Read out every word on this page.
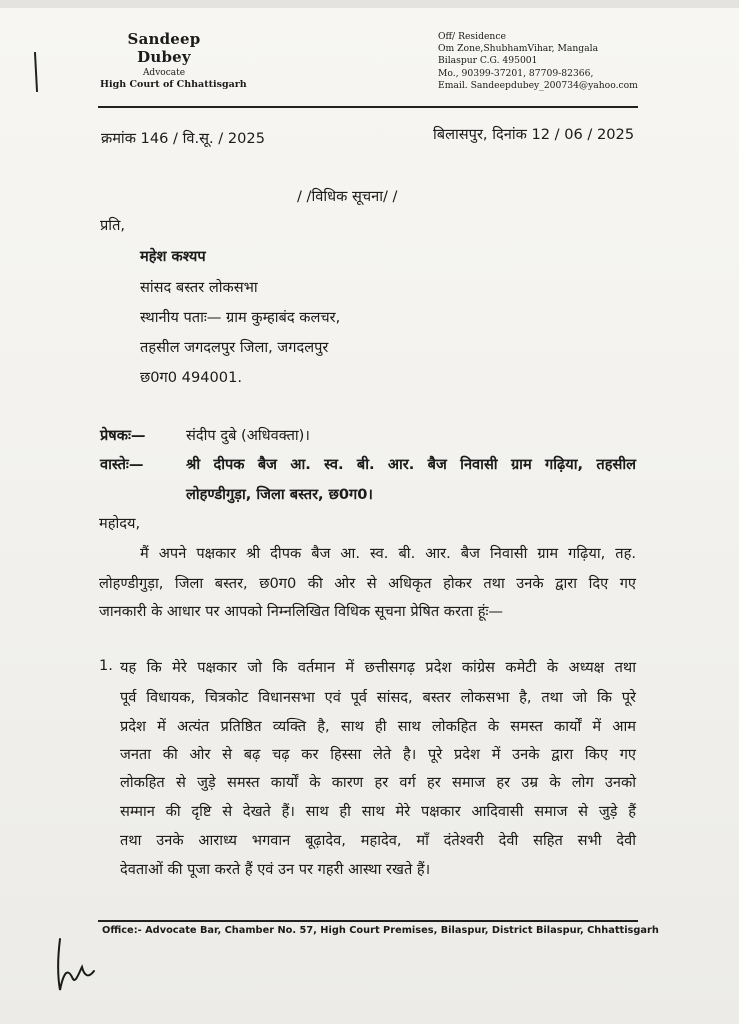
Sandeep Dubey
Advocate
High Court of Chhattisgarh
Off/ Residence
Om Zone,ShubhamVihar, Mangala
Bilaspur C.G. 495001
Mo., 90399-37201, 87709-82366,
Email. Sandeepdubey_200734@yahoo.com
क्रमांक 146 / वि.सू. / 2025	बिलासपुर, दिनांक 12 / 06 / 2025
/ /विधिक सूचना/ /
प्रति,
महेश कश्यप
सांसद बस्तर लोकसभा
स्थानीय पताः— ग्राम कुम्हाबंद कलचर,
तहसील जगदलपुर जिला, जगदलपुर
छ0ग0 494001.
प्रेषकः—	संदीप दुबे (अधिवक्ता)।
वास्तेः—	श्री दीपक बैज आ. स्व. बी. आर. बैज निवासी ग्राम गढ़िया, तहसील
लोहण्डीगुड़ा, जिला बस्तर, छ0ग0।
महोदय,
मैं अपने पक्षकार श्री दीपक बैज आ. स्व. बी. आर. बैज निवासी ग्राम गढ़िया, तह.
लोहण्डीगुड़ा, जिला बस्तर, छ0ग0 की ओर से अधिकृत होकर तथा उनके द्वारा दिए गए
जानकारी के आधार पर आपको निम्नलिखित विधिक सूचना प्रेषित करता हूंः—
1. यह कि मेरे पक्षकार जो कि वर्तमान में छत्तीसगढ़ प्रदेश कांग्रेस कमेटी के अध्यक्ष तथा
पूर्व विधायक, चित्रकोट विधानसभा एवं पूर्व सांसद, बस्तर लोकसभा है, तथा जो कि पूरे
प्रदेश में अत्यंत प्रतिष्ठित व्यक्ति है, साथ ही साथ लोकहित के समस्त कार्यों में आम
जनता की ओर से बढ़ चढ़ कर हिस्सा लेते है। पूरे प्रदेश में उनके द्वारा किए गए
लोकहित से जुड़े समस्त कार्यों के कारण हर वर्ग हर समाज हर उम्र के लोग उनको
सम्मान की दृष्टि से देखते हैं। साथ ही साथ मेरे पक्षकार आदिवासी समाज से जुड़े हैं
तथा उनके आराध्य भगवान बूढ़ादेव, महादेव, माँ दंतेश्वरी देवी सहित सभी देवी
देवताओं की पूजा करते हैं एवं उन पर गहरी आस्था रखते हैं।
Office:- Advocate Bar, Chamber No. 57, High Court Premises, Bilaspur, District Bilaspur, Chhattisgarh
